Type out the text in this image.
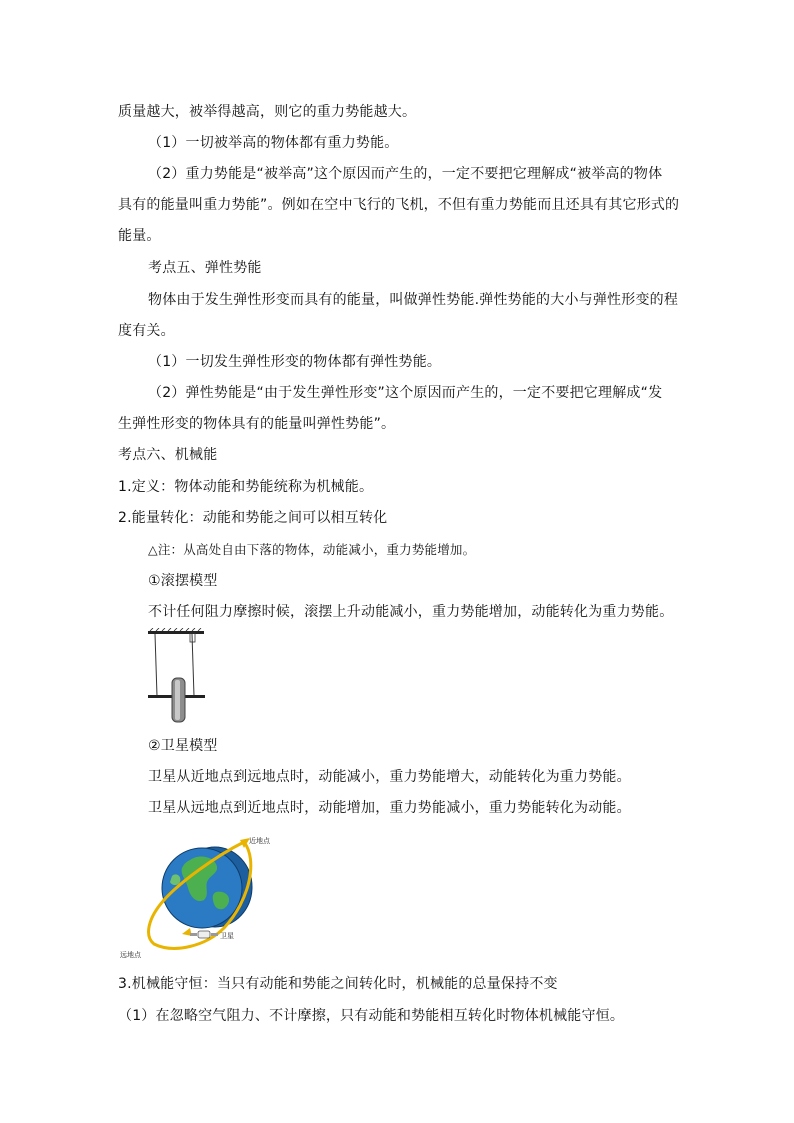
质量越大，被举得越高，则它的重力势能越大。
（1）一切被举高的物体都有重力势能。
（2）重力势能是“被举高”这个原因而产生的，一定不要把它理解成“被举高的物体
具有的能量叫重力势能”。例如在空中飞行的飞机，不但有重力势能而且还具有其它形式的
能量。
考点五、弹性势能
物体由于发生弹性形变而具有的能量，叫做弹性势能.弹性势能的大小与弹性形变的程
度有关。
（1）一切发生弹性形变的物体都有弹性势能。
（2）弹性势能是“由于发生弹性形变”这个原因而产生的，一定不要把它理解成“发
生弹性形变的物体具有的能量叫弹性势能”。
考点六、机械能
1.定义：物体动能和势能统称为机械能。
2.能量转化：动能和势能之间可以相互转化
△注：从高处自由下落的物体，动能减小，重力势能增加。
①滚摆模型
不计任何阻力摩擦时候，滚摆上升动能减小，重力势能增加，动能转化为重力势能。
②卫星模型
卫星从近地点到远地点时，动能减小，重力势能增大，动能转化为重力势能。
卫星从远地点到近地点时，动能增加，重力势能减小，重力势能转化为动能。
近地点
远地点
卫星
3.机械能守恒：当只有动能和势能之间转化时，机械能的总量保持不变
（1）在忽略空气阻力、不计摩擦，只有动能和势能相互转化时物体机械能守恒。
